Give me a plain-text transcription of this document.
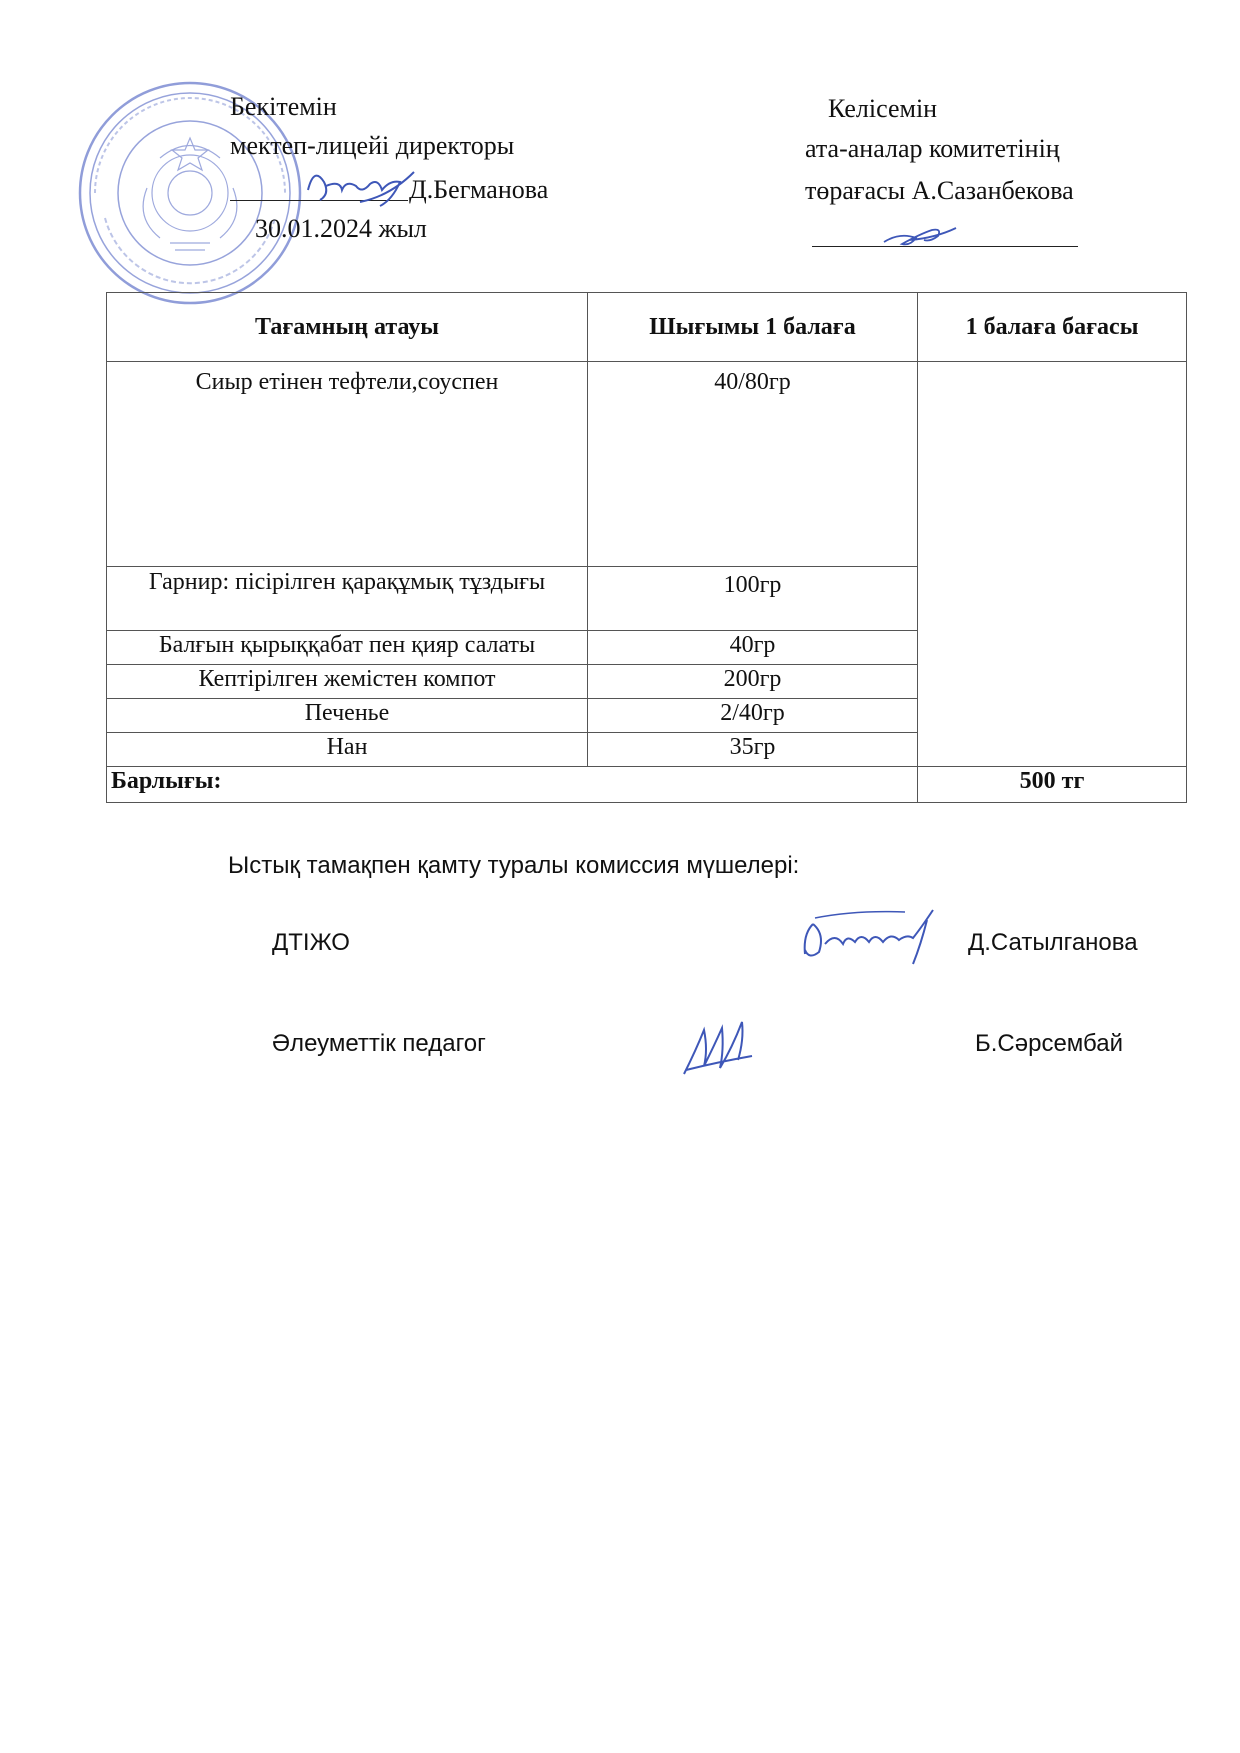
Бекітемін
мектеп-лицейі директоры
Д.Бегманова
30.01.2024 жыл
Келісемін
ата-аналар комитетінің
төрағасы А.Сазанбекова
Тағамның атауы	Шығымы 1 балаға	1 балаға бағасы
Сиыр етінен тефтели,соуспен	40/80гр	
Гарнир: пісірілген қарақұмық тұздығы	100гр	
Балғын қырыққабат пен қияр салаты	40гр	
Кептірілген жемістен компот	200гр	
Печенье	2/40гр	
Нан	35гр	
Барлығы:		500 тг
Ыстық тамақпен қамту туралы комиссия мүшелері:
ДТІЖО	Д.Сатылганова
Әлеуметтік педагог	Б.Сәрсембай
